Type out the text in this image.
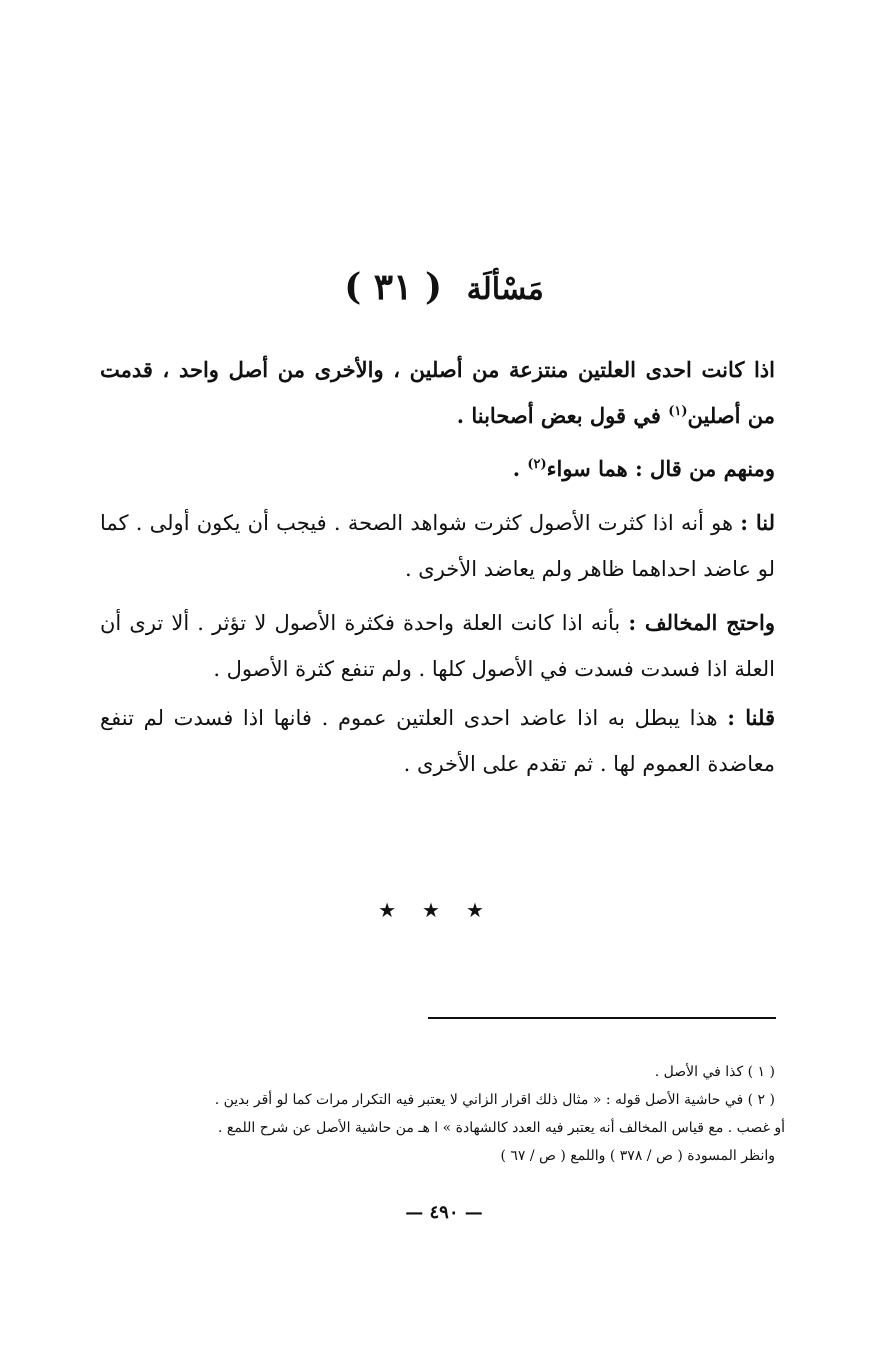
مَسْألَة ( ٣١ )

اذا كانت احدى العلتين منتزعة من أصلين ، والأخرى من أصل واحد ، قدمت من أصلين$^{(١)}$ في قول بعض أصحابنا .

ومنهم من قال : هما سواء$^{(٢)}$ .

لنا : هو أنه اذا كثرت الأصول كثرت شواهد الصحة . فيجب أن يكون أولى . كما لو عاضد احداهما ظاهر ولم يعاضد الأخرى .

واحتج المخالف : بأنه اذا كانت العلة واحدة فكثرة الأصول لا تؤثر . ألا ترى أن العلة اذا فسدت فسدت في الأصول كلها . ولم تنفع كثرة الأصول .

قلنا : هذا يبطل به اذا عاضد احدى العلتين عموم . فانها اذا فسدت لم تنفع معاضدة العموم لها . ثم تقدم على الأخرى .

★★★

( ١ ) كذا في الأصل .

( ٢ ) في حاشية الأصل قوله : « مثال ذلك اقرار الزاني لا يعتبر فيه التكرار مرات كما لو أقر بدين .

أو غصب . مع قياس المخالف أنه يعتبر فيه العدد كالشهادة » ا هـ من حاشية الأصل عن شرح اللمع .

وانظر المسودة ( ص / ٣٧٨ ) واللمع ( ص / ٦٧ )

— ٤٩٠ —
